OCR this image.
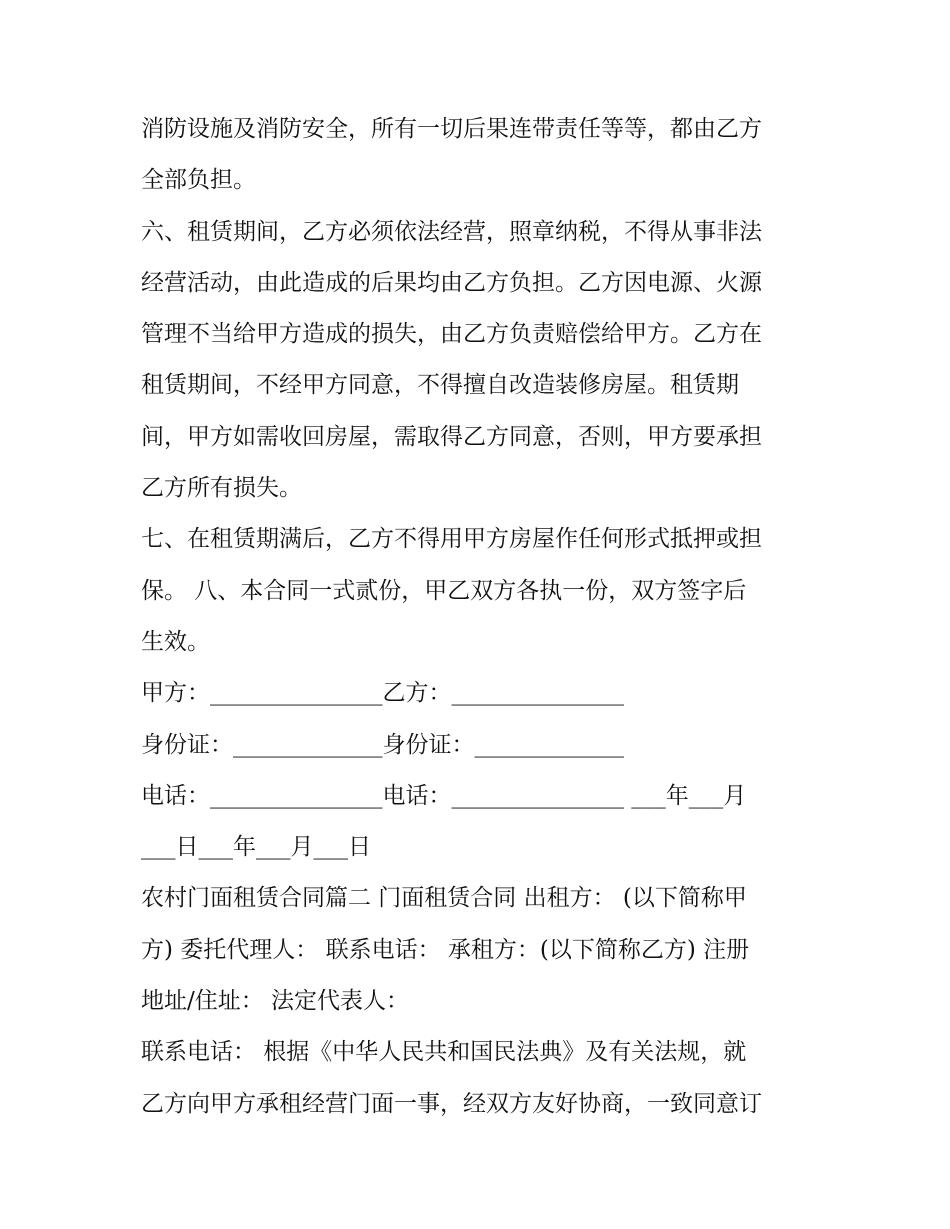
消防设施及消防安全，所有一切后果连带责任等等，都由乙方
全部负担。
六、租赁期间，乙方必须依法经营，照章纳税，不得从事非法
经营活动，由此造成的后果均由乙方负担。乙方因电源、火源
管理不当给甲方造成的损失，由乙方负责赔偿给甲方。乙方在
租赁期间，不经甲方同意，不得擅自改造装修房屋。租赁期
间，甲方如需收回房屋，需取得乙方同意，否则，甲方要承担
乙方所有损失。
七、在租赁期满后，乙方不得用甲方房屋作任何形式抵押或担
保。 八、本合同一式贰份，甲乙双方各执一份，双方签字后
生效。
甲方：_______________乙方：_______________
身份证：_____________身份证：_____________
电话：_______________电话：_______________ ___年___月
___日___年___月___日
农村门面租赁合同篇二 门面租赁合同 出租方： (以下简称甲
方) 委托代理人： 联系电话： 承租方：(以下简称乙方) 注册
地址/住址： 法定代表人：
联系电话： 根据《中华人民共和国民法典》及有关法规，就
乙方向甲方承租经营门面一事，经双方友好协商，一致同意订
